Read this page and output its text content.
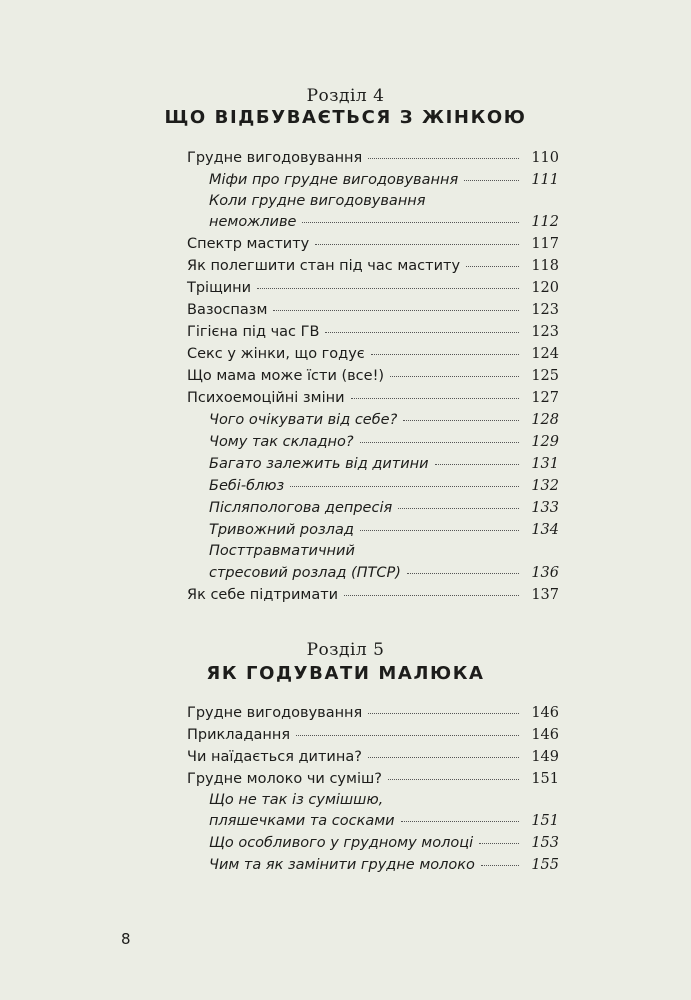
Розділ 4
ЩО ВІДБУВАЄТЬСЯ З ЖІНКОЮ
Грудне вигодовування	110
Міфи про грудне вигодовування	111
Коли грудне вигодовування
неможливе	112
Спектр маститу	117
Як полегшити стан під час маститу	118
Тріщини	120
Вазоспазм	123
Гігієна під час ГВ	123
Секс у жінки, що годує	124
Що мама може їсти (все!)	125
Психоемоційні зміни	127
Чого очікувати від себе?	128
Чому так складно?	129
Багато залежить від дитини	131
Бебі-блюз	132
Післяпологова депресія	133
Тривожний розлад	134
Посттравматичний
стресовий розлад (ПТСР)	136
Як себе підтримати	137
Розділ 5
ЯК ГОДУВАТИ МАЛЮКА
Грудне вигодовування	146
Прикладання	146
Чи наїдається дитина?	149
Грудне молоко чи суміш?	151
Що не так із сумішшю,
пляшечками та сосками	151
Що особливого у грудному молоці	153
Чим та як замінити грудне молоко	155
8
